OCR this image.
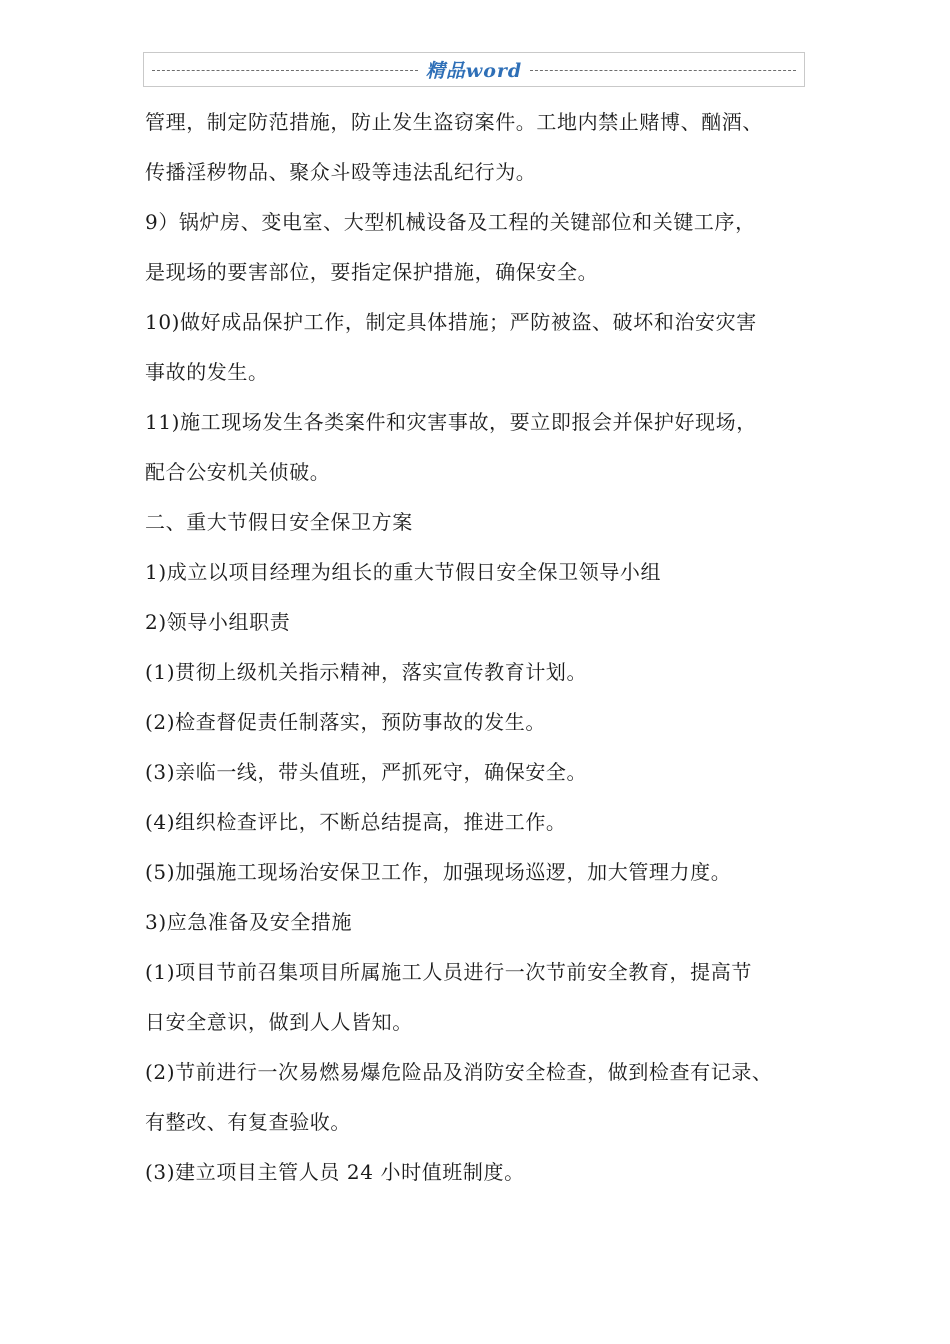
精品word
管理，制定防范措施，防止发生盗窃案件。工地内禁止赌博、酗酒、
传播淫秽物品、聚众斗殴等违法乱纪行为。
9）锅炉房、变电室、大型机械设备及工程的关键部位和关键工序，
是现场的要害部位，要指定保护措施，确保安全。
10)做好成品保护工作，制定具体措施；严防被盗、破坏和治安灾害
事故的发生。
11)施工现场发生各类案件和灾害事故，要立即报会并保护好现场，
配合公安机关侦破。
二、重大节假日安全保卫方案
1)成立以项目经理为组长的重大节假日安全保卫领导小组
2)领导小组职责
(1)贯彻上级机关指示精神，落实宣传教育计划。
(2)检查督促责任制落实，预防事故的发生。
(3)亲临一线，带头值班，严抓死守，确保安全。
(4)组织检查评比，不断总结提高，推进工作。
(5)加强施工现场治安保卫工作，加强现场巡逻，加大管理力度。
3)应急准备及安全措施
(1)项目节前召集项目所属施工人员进行一次节前安全教育，提高节
日安全意识，做到人人皆知。
(2)节前进行一次易燃易爆危险品及消防安全检查，做到检查有记录、
有整改、有复查验收。
(3)建立项目主管人员 24 小时值班制度。
